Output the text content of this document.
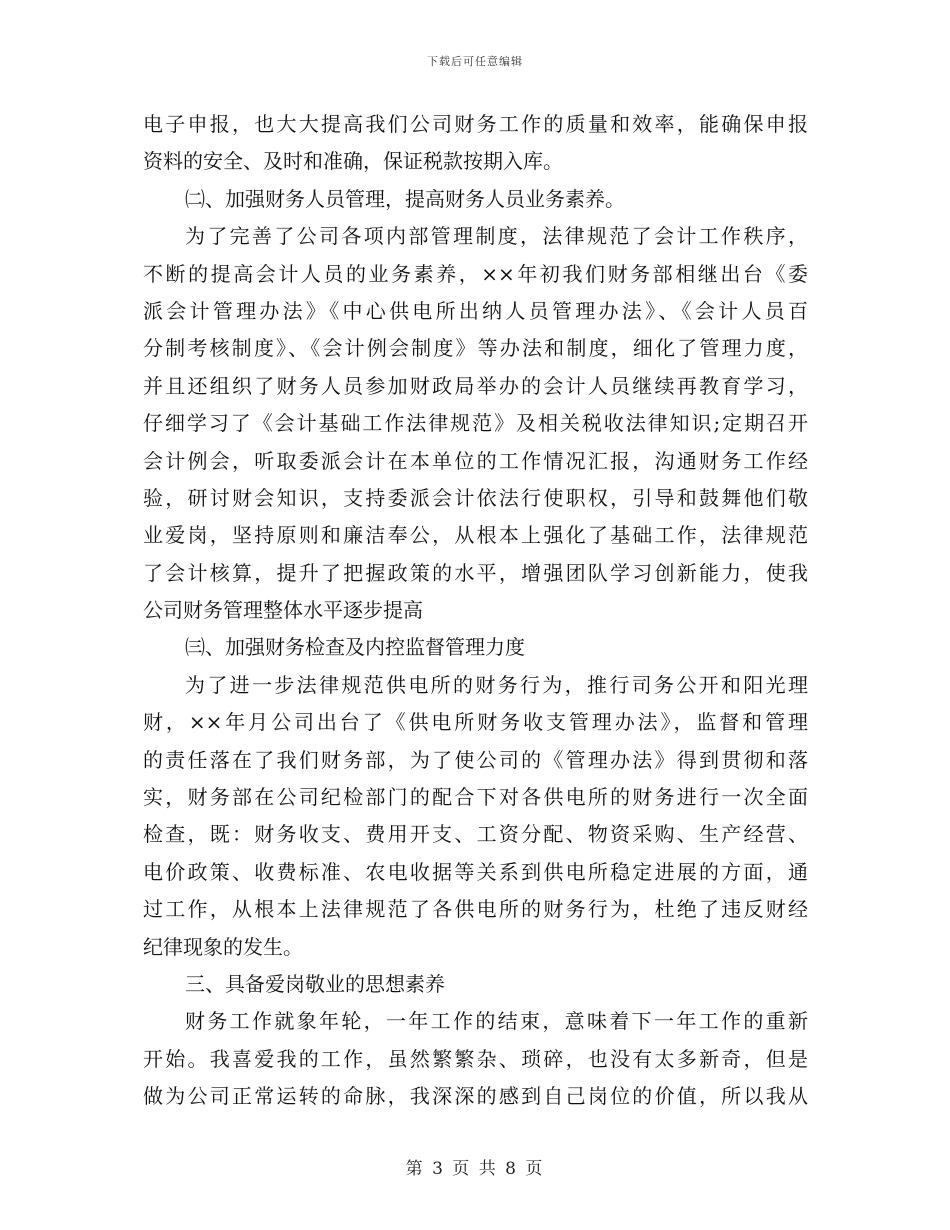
下载后可任意编辑
电子申报，也大大提高我们公司财务工作的质量和效率，能确保申报
资料的安全、及时和准确，保证税款按期入库。
㈡、加强财务人员管理，提高财务人员业务素养。
为了完善了公司各项内部管理制度，法律规范了会计工作秩序，
不断的提高会计人员的业务素养，××年初我们财务部相继出台《委
派会计管理办法》《中心供电所出纳人员管理办法》、《会计人员百
分制考核制度》、《会计例会制度》等办法和制度，细化了管理力度，
并且还组织了财务人员参加财政局举办的会计人员继续再教育学习，
仔细学习了《会计基础工作法律规范》及相关税收法律知识;定期召开
会计例会，听取委派会计在本单位的工作情况汇报，沟通财务工作经
验，研讨财会知识，支持委派会计依法行使职权，引导和鼓舞他们敬
业爱岗，坚持原则和廉洁奉公，从根本上强化了基础工作，法律规范
了会计核算，提升了把握政策的水平，增强团队学习创新能力，使我
公司财务管理整体水平逐步提高
㈢、加强财务检查及内控监督管理力度
为了进一步法律规范供电所的财务行为，推行司务公开和阳光理
财，××年月公司出台了《供电所财务收支管理办法》，监督和管理
的责任落在了我们财务部，为了使公司的《管理办法》得到贯彻和落
实，财务部在公司纪检部门的配合下对各供电所的财务进行一次全面
检查，既：财务收支、费用开支、工资分配、物资采购、生产经营、
电价政策、收费标准、农电收据等关系到供电所稳定进展的方面，通
过工作，从根本上法律规范了各供电所的财务行为，杜绝了违反财经
纪律现象的发生。
三、具备爱岗敬业的思想素养
财务工作就象年轮，一年工作的结束，意味着下一年工作的重新
开始。我喜爱我的工作，虽然繁繁杂、琐碎，也没有太多新奇，但是
做为公司正常运转的命脉，我深深的感到自己岗位的价值，所以我从
第 3 页 共 8 页
